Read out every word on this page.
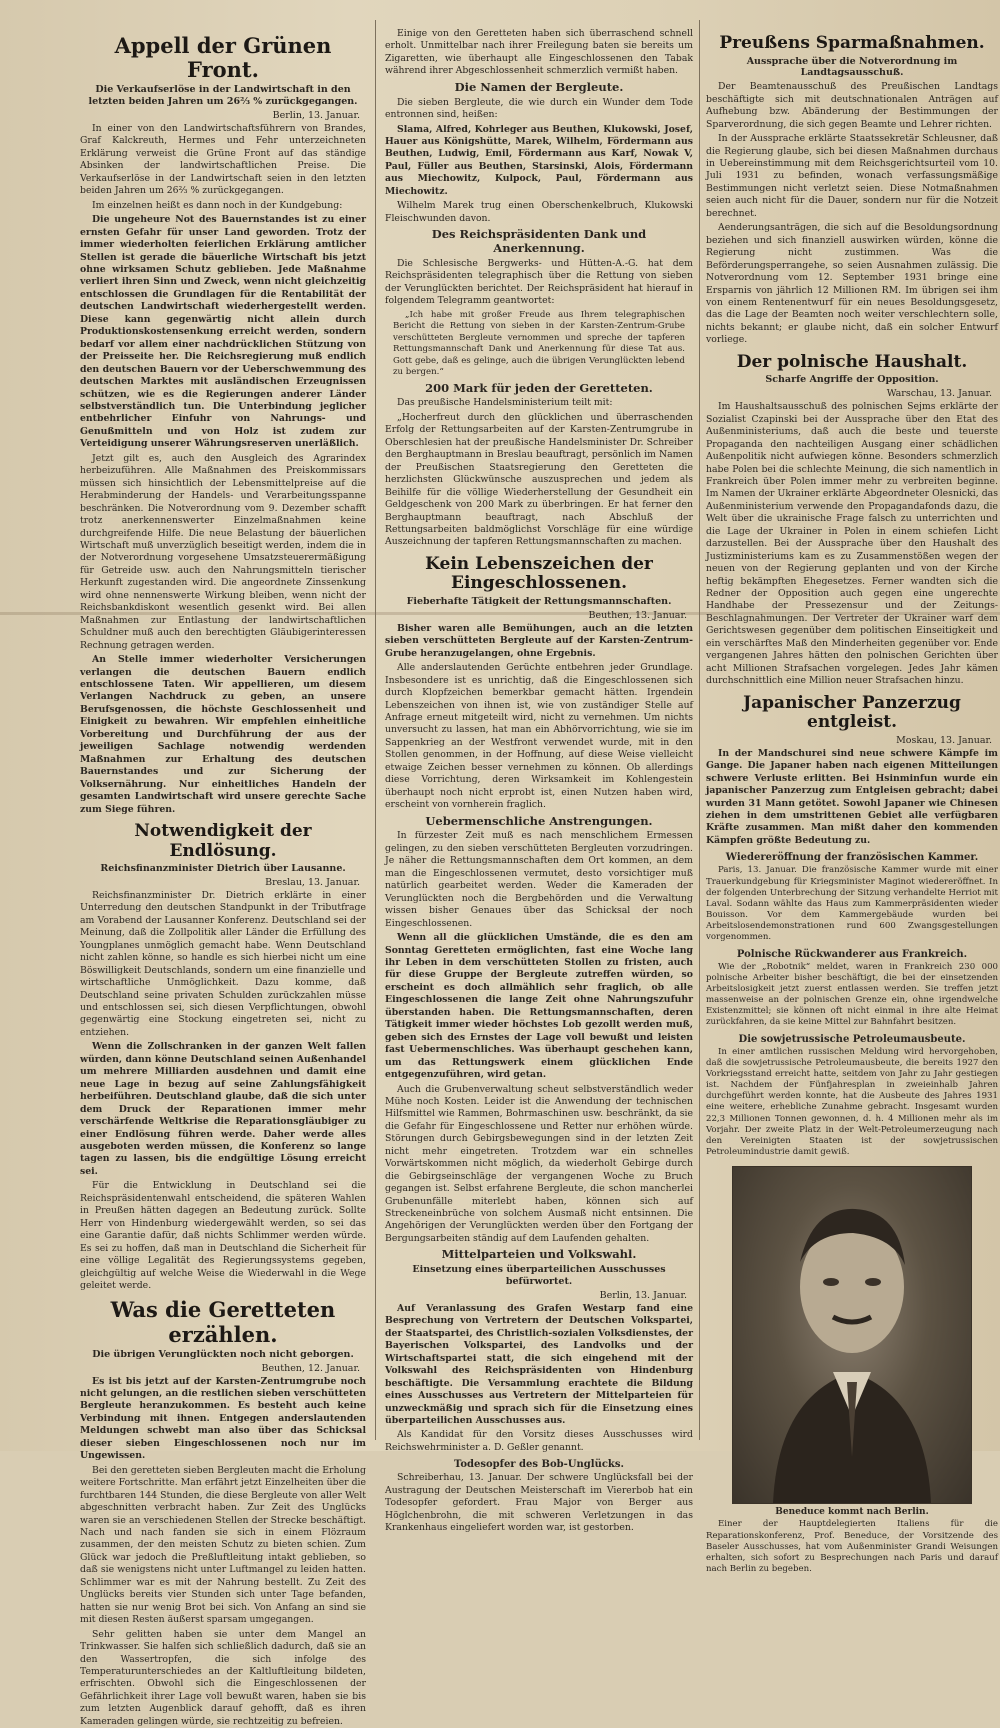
Appell der Grünen Front.
Die Verkaufserlöse in der Landwirtschaft in den letzten beiden Jahren um 26⅔ % zurückgegangen.
Berlin, 13. Januar.

In einer von den Landwirtschaftsführern von Brandes, Graf Kalckreuth, Hermes und Fehr unterzeichneten Erklärung verweist die Grüne Front auf das ständige Absinken der landwirtschaftlichen Preise. Die Verkaufserlöse in der Landwirtschaft seien in den letzten beiden Jahren um 26⅔ % zurückgegangen.

Im einzelnen heißt es dann noch in der Kundgebung:

Die ungeheure Not des Bauernstandes ist zu einer ernsten Gefahr für unser Land geworden. Trotz der immer wiederholten feierlichen Erklärung amtlicher Stellen ist gerade die bäuerliche Wirtschaft bis jetzt ohne wirksamen Schutz geblieben. Jede Maßnahme verliert ihren Sinn und Zweck, wenn nicht gleichzeitig entschlossen die Grundlagen für die Rentabilität der deutschen Landwirtschaft wiederhergestellt werden. Diese kann gegenwärtig nicht allein durch Produktionskostensenkung erreicht werden, sondern bedarf vor allem einer nachdrücklichen Stützung von der Preisseite her. Die Reichsregierung muß endlich den deutschen Bauern vor der Ueberschwemmung des deutschen Marktes mit ausländischen Erzeugnissen schützen, wie es die Regierungen anderer Länder selbstverständlich tun. Die Unterbindung jeglicher entbehrlicher Einfuhr von Nahrungs- und Genußmitteln und von Holz ist zudem zur Verteidigung unserer Währungsreserven unerläßlich.

Jetzt gilt es, auch den Ausgleich des Agrarindex herbeizuführen. Alle Maßnahmen des Preiskommissars müssen sich hinsichtlich der Lebensmittelpreise auf die Herabminderung der Handels- und Verarbeitungsspanne beschränken. Die Notverordnung vom 9. Dezember schafft trotz anerkennenswerter Einzelmaßnahmen keine durchgreifende Hilfe. Die neue Belastung der bäuerlichen Wirtschaft muß unverzüglich beseitigt werden, indem die in der Notverordnung vorgesehene Umsatzsteuerermäßigung für Getreide usw. auch den Nahrungsmitteln tierischer Herkunft zugestanden wird. Die angeordnete Zinssenkung wird ohne nennenswerte Wirkung bleiben, wenn nicht der Reichsbankdiskont wesentlich gesenkt wird. Bei allen Maßnahmen zur Entlastung der landwirtschaftlichen Schuldner muß auch den berechtigten Gläubigerinteressen Rechnung getragen werden.

An Stelle immer wiederholter Versicherungen verlangen die deutschen Bauern endlich entschlossene Taten. Wir appellieren, um diesem Verlangen Nachdruck zu geben, an unsere Berufsgenossen, die höchste Geschlossenheit und Einigkeit zu bewahren. Wir empfehlen einheitliche Vorbereitung und Durchführung der aus der jeweiligen Sachlage notwendig werdenden Maßnahmen zur Erhaltung des deutschen Bauernstandes und zur Sicherung der Volksernährung. Nur einheitliches Handeln der gesamten Landwirtschaft wird unsere gerechte Sache zum Siege führen.

Notwendigkeit der Endlösung.
Reichsfinanzminister Dietrich über Lausanne.
Breslau, 13. Januar.

Reichsfinanzminister Dr. Dietrich erklärte in einer Unterredung den deutschen Standpunkt in der Tributfrage am Vorabend der Lausanner Konferenz. Deutschland sei der Meinung, daß die Zollpolitik aller Länder die Erfüllung des Youngplanes unmöglich gemacht habe. Wenn Deutschland nicht zahlen könne, so handle es sich hierbei nicht um eine Böswilligkeit Deutschlands, sondern um eine finanzielle und wirtschaftliche Unmöglichkeit. Dazu komme, daß Deutschland seine privaten Schulden zurückzahlen müsse und entschlossen sei, sich diesen Verpflichtungen, obwohl gegenwärtig eine Stockung eingetreten sei, nicht zu entziehen.

Wenn die Zollschranken in der ganzen Welt fallen würden, dann könne Deutschland seinen Außenhandel um mehrere Milliarden ausdehnen und damit eine neue Lage in bezug auf seine Zahlungsfähigkeit herbeiführen. Deutschland glaube, daß die sich unter dem Druck der Reparationen immer mehr verschärfende Weltkrise die Reparationsgläubiger zu einer Endlösung führen werde. Daher werde alles ausgeboten werden müssen, die Konferenz so lange tagen zu lassen, bis die endgültige Lösung erreicht sei.

Für die Entwicklung in Deutschland sei die Reichspräsidentenwahl entscheidend, die späteren Wahlen in Preußen hätten dagegen an Bedeutung zurück. Sollte Herr von Hindenburg wiedergewählt werden, so sei das eine Garantie dafür, daß nichts Schlimmer werden würde. Es sei zu hoffen, daß man in Deutschland die Sicherheit für eine völlige Legalität des Regierungssystems gegeben, gleichgültig auf welche Weise die Wiederwahl in die Wege geleitet werde.

Was die Geretteten erzählen.
Die übrigen Verunglückten noch nicht geborgen.
Beuthen, 12. Januar.

Es ist bis jetzt auf der Karsten-Zentrumgrube noch nicht gelungen, an die restlichen sieben verschütteten Bergleute heranzukommen. Es besteht auch keine Verbindung mit ihnen. Entgegen anderslautenden Meldungen schwebt man also über das Schicksal dieser sieben Eingeschlossenen noch nur im Ungewissen.

Bei den geretteten sieben Bergleuten macht die Erholung weitere Fortschritte. Man erfährt jetzt Einzelheiten über die furchtbaren 144 Stunden, die diese Bergleute von aller Welt abgeschnitten verbracht haben. Zur Zeit des Unglücks waren sie an verschiedenen Stellen der Strecke beschäftigt. Nach und nach fanden sie sich in einem Flözraum zusammen, der den meisten Schutz zu bieten schien. Zum Glück war jedoch die Preßluftleitung intakt geblieben, so daß sie wenigstens nicht unter Luftmangel zu leiden hatten. Schlimmer war es mit der Nahrung bestellt. Zu Zeit des Unglücks bereits vier Stunden sich unter Tage befanden, hatten sie nur wenig Brot bei sich. Von Anfang an sind sie mit diesen Resten äußerst sparsam umgegangen.

Sehr gelitten haben sie unter dem Mangel an Trinkwasser. Sie halfen sich schließlich dadurch, daß sie an den Wassertropfen, die sich infolge des Temperaturunterschiedes an der Kaltluftleitung bildeten, erfrischten. Obwohl sich die Eingeschlossenen der Gefährlichkeit ihrer Lage voll bewußt waren, haben sie bis zum letzten Augenblick darauf gehofft, daß es ihren Kameraden gelingen würde, sie rechtzeitig zu befreien.

Einige von den Geretteten haben sich überraschend schnell erholt. Unmittelbar nach ihrer Freilegung baten sie bereits um Zigaretten, wie überhaupt alle Eingeschlossenen den Tabak während ihrer Abgeschlossenheit schmerzlich vermißt haben.

Die Namen der Bergleute.

Die sieben Bergleute, die wie durch ein Wunder dem Tode entronnen sind, heißen:

Slama, Alfred, Kohrleger aus Beuthen, Klukowski, Josef, Hauer aus Königshütte, Marek, Wilhelm, Fördermann aus Beuthen, Ludwig, Emil, Fördermann aus Karf, Nowak V, Paul, Füller aus Beuthen, Starsinski, Alois, Fördermann aus Miechowitz, Kulpock, Paul, Fördermann aus Miechowitz.

Wilhelm Marek trug einen Oberschenkelbruch, Klukowski Fleischwunden davon.

Des Reichspräsidenten Dank und Anerkennung.

Die Schlesische Bergwerks- und Hütten-A.-G. hat dem Reichspräsidenten telegraphisch über die Rettung von sieben der Verunglückten berichtet. Der Reichspräsident hat hierauf in folgendem Telegramm geantwortet:

„Ich habe mit großer Freude aus Ihrem telegraphischen Bericht die Rettung von sieben in der Karsten-Zentrum-Grube verschütteten Bergleute vernommen und spreche der tapferen Rettungsmannschaft Dank und Anerkennung für diese Tat aus. Gott gebe, daß es gelinge, auch die übrigen Verunglückten lebend zu bergen.“

200 Mark für jeden der Geretteten.

Das preußische Handelsministerium teilt mit:

„Hocherfreut durch den glücklichen und überraschenden Erfolg der Rettungsarbeiten auf der Karsten-Zentrumgrube in Oberschlesien hat der preußische Handelsminister Dr. Schreiber den Berghauptmann in Breslau beauftragt, persönlich im Namen der Preußischen Staatsregierung den Geretteten die herzlichsten Glückwünsche auszusprechen und jedem als Beihilfe für die völlige Wiederherstellung der Gesundheit ein Geldgeschenk von 200 Mark zu überbringen. Er hat ferner den Berghauptmann beauftragt, nach Abschluß der Rettungsarbeiten baldmöglichst Vorschläge für eine würdige Auszeichnung der tapferen Rettungsmannschaften zu machen.

Kein Lebenszeichen der Eingeschlossenen.
Fieberhafte Tätigkeit der Rettungsmannschaften.
Beuthen, 13. Januar.

Bisher waren alle Bemühungen, auch an die letzten sieben verschütteten Bergleute auf der Karsten-Zentrum-Grube heranzugelangen, ohne Ergebnis.

Alle anderslautenden Gerüchte entbehren jeder Grundlage. Insbesondere ist es unrichtig, daß die Eingeschlossenen sich durch Klopfzeichen bemerkbar gemacht hätten. Irgendein Lebenszeichen von ihnen ist, wie von zuständiger Stelle auf Anfrage erneut mitgeteilt wird, nicht zu vernehmen. Um nichts unversucht zu lassen, hat man ein Abhörvorrichtung, wie sie im Sappenkrieg an der Westfront verwendet wurde, mit in den Stollen genommen, in der Hoffnung, auf diese Weise vielleicht etwaige Zeichen besser vernehmen zu können. Ob allerdings diese Vorrichtung, deren Wirksamkeit im Kohlengestein überhaupt noch nicht erprobt ist, einen Nutzen haben wird, erscheint von vornherein fraglich.

Uebermenschliche Anstrengungen.

In fürzester Zeit muß es nach menschlichem Ermessen gelingen, zu den sieben verschütteten Bergleuten vorzudringen. Je näher die Rettungsmannschaften dem Ort kommen, an dem man die Eingeschlossenen vermutet, desto vorsichtiger muß natürlich gearbeitet werden. Weder die Kameraden der Verunglückten noch die Bergbehörden und die Verwaltung wissen bisher Genaues über das Schicksal der noch Eingeschlossenen.

Wenn all die glücklichen Umstände, die es den am Sonntag Geretteten ermöglichten, fast eine Woche lang ihr Leben in dem verschütteten Stollen zu fristen, auch für diese Gruppe der Bergleute zutreffen würden, so erscheint es doch allmählich sehr fraglich, ob alle Eingeschlossenen die lange Zeit ohne Nahrungszufuhr überstanden haben. Die Rettungsmannschaften, deren Tätigkeit immer wieder höchstes Lob gezollt werden muß, geben sich des Ernstes der Lage voll bewußt und leisten fast Uebermenschliches. Was überhaupt geschehen kann, um das Rettungswerk einem glücklichen Ende entgegenzuführen, wird getan.

Auch die Grubenverwaltung scheut selbstverständlich weder Mühe noch Kosten. Leider ist die Anwendung der technischen Hilfsmittel wie Rammen, Bohrmaschinen usw. beschränkt, da sie die Gefahr für Eingeschlossene und Retter nur erhöhen würde. Störungen durch Gebirgsbewegungen sind in der letzten Zeit nicht mehr eingetreten. Trotzdem war ein schnelles Vorwärtskommen nicht möglich, da wiederholt Gebirge durch die Gebirgseinschläge der vergangenen Woche zu Bruch gegangen ist. Selbst erfahrene Bergleute, die schon mancherlei Grubenunfälle miterlebt haben, können sich auf Streckeneinbrüche von solchem Ausmaß nicht entsinnen. Die Angehörigen der Verunglückten werden über den Fortgang der Bergungsarbeiten ständig auf dem Laufenden gehalten.

Mittelparteien und Volkswahl.
Einsetzung eines überparteilichen Ausschusses befürwortet.
Berlin, 13. Januar.

Auf Veranlassung des Grafen Westarp fand eine Besprechung von Vertretern der Deutschen Volkspartei, der Staatspartei, des Christlich-sozialen Volksdienstes, der Bayerischen Volkspartei, des Landvolks und der Wirtschaftspartei statt, die sich eingehend mit der Volkswahl des Reichspräsidenten von Hindenburg beschäftigte. Die Versammlung erachtete die Bildung eines Ausschusses aus Vertretern der Mittelparteien für unzweckmäßig und sprach sich für die Einsetzung eines überparteilichen Ausschusses aus.

Als Kandidat für den Vorsitz dieses Ausschusses wird Reichswehrminister a. D. Geßler genannt.

Todesopfer des Bob-Unglücks.

Schreiberhau, 13. Januar. Der schwere Unglücksfall bei der Austragung der Deutschen Meisterschaft im Viererbob hat ein Todesopfer gefordert. Frau Major von Berger aus Höglchenbrohn, die mit schweren Verletzungen in das Krankenhaus eingeliefert worden war, ist gestorben.

Preußens Sparmaßnahmen.
Aussprache über die Notverordnung im Landtagsausschuß.

Der Beamtenausschuß des Preußischen Landtags beschäftigte sich mit deutschnationalen Anträgen auf Aufhebung bzw. Abänderung der Bestimmungen der Sparverordnung, die sich gegen Beamte und Lehrer richten.

In der Aussprache erklärte Staatssekretär Schleusner, daß die Regierung glaube, sich bei diesen Maßnahmen durchaus in Uebereinstimmung mit dem Reichsgerichtsurteil vom 10. Juli 1931 zu befinden, wonach verfassungsmäßige Bestimmungen nicht verletzt seien. Diese Notmaßnahmen seien auch nicht für die Dauer, sondern nur für die Notzeit berechnet.

Aenderungsanträgen, die sich auf die Besoldungsordnung beziehen und sich finanziell auswirken würden, könne die Regierung nicht zustimmen. Was die Beförderungsperrangehe, so seien Ausnahmen zulässig. Die Notverordnung vom 12. September 1931 bringe eine Ersparnis von jährlich 12 Millionen RM. Im übrigen sei ihm von einem Rentenentwurf für ein neues Besoldungsgesetz, das die Lage der Beamten noch weiter verschlechtern solle, nichts bekannt; er glaube nicht, daß ein solcher Entwurf vorliege.

Der polnische Haushalt.
Scharfe Angriffe der Opposition.
Warschau, 13. Januar.

Im Haushaltsausschuß des polnischen Sejms erklärte der Sozialist Czapinski bei der Aussprache über den Etat des Außenministeriums, daß auch die beste und teuerste Propaganda den nachteiligen Ausgang einer schädlichen Außenpolitik nicht aufwiegen könne. Besonders schmerzlich habe Polen bei die schlechte Meinung, die sich namentlich in Frankreich über Polen immer mehr zu verbreiten beginne. Im Namen der Ukrainer erklärte Abgeordneter Olesnicki, das Außenministerium verwende den Propagandafonds dazu, die Welt über die ukrainische Frage falsch zu unterrichten und die Lage der Ukrainer in Polen in einem schiefen Licht darzustellen. Bei der Aussprache über den Haushalt des Justizministeriums kam es zu Zusammenstößen wegen der neuen von der Regierung geplanten und von der Kirche heftig bekämpften Ehegesetzes. Ferner wandten sich die Redner der Opposition auch gegen eine ungerechte Handhabe der Pressezensur und der Zeitungs-Beschlagnahmungen. Der Vertreter der Ukrainer warf dem Gerichtswesen gegenüber dem politischen Einseitigkeit und ein verschärftes Maß den Minderheiten gegenüber vor. Ende vergangenen Jahres hätten den polnischen Gerichten über acht Millionen Strafsachen vorgelegen. Jedes Jahr kämen durchschnittlich eine Million neuer Strafsachen hinzu.

Japanischer Panzerzug entgleist.
Moskau, 13. Januar.

In der Mandschurei sind neue schwere Kämpfe im Gange. Die Japaner haben nach eigenen Mitteilungen schwere Verluste erlitten. Bei Hsinminfun wurde ein japanischer Panzerzug zum Entgleisen gebracht; dabei wurden 31 Mann getötet. Sowohl Japaner wie Chinesen ziehen in dem umstrittenen Gebiet alle verfügbaren Kräfte zusammen. Man mißt daher den kommenden Kämpfen größte Bedeutung zu.

Wiedereröffnung der französischen Kammer.

Paris, 13. Januar. Die französische Kammer wurde mit einer Trauerkundgebung für Kriegsminister Maginot wiedereröffnet. In der folgenden Unterbrechung der Sitzung verhandelte Herriot mit Laval. Sodann wählte das Haus zum Kammerpräsidenten wieder Bouisson. Vor dem Kammergebäude wurden bei Arbeitslosendemonstrationen rund 600 Zwangsgestellungen vorgenommen.

Polnische Rückwanderer aus Frankreich.

Wie der „Robotnik“ meldet, waren in Frankreich 230 000 polnische Arbeiter bisher beschäftigt, die bei der einsetzenden Arbeitslosigkeit jetzt zuerst entlassen werden. Sie treffen jetzt massenweise an der polnischen Grenze ein, ohne irgendwelche Existenzmittel; sie können oft nicht einmal in ihre alte Heimat zurückfahren, da sie keine Mittel zur Bahnfahrt besitzen.

Die sowjetrussische Petroleumausbeute.

In einer amtlichen russischen Meldung wird hervorgehoben, daß die sowjetrussische Petroleumausbeute, die bereits 1927 den Vorkriegsstand erreicht hatte, seitdem von Jahr zu Jahr gestiegen ist. Nachdem der Fünfjahresplan in zweieinhalb Jahren durchgeführt werden konnte, hat die Ausbeute des Jahres 1931 eine weitere, erhebliche Zunahme gebracht. Insgesamt wurden 22,3 Millionen Tonnen gewonnen, d. h. 4 Millionen mehr als im Vorjahr. Der zweite Platz in der Welt-Petroleumerzeugung nach den Vereinigten Staaten ist der sowjetrussischen Petroleumindustrie damit gewiß.

Beneduce kommt nach Berlin.

Einer der Hauptdelegierten Italiens für die Reparationskonferenz, Prof. Beneduce, der Vorsitzende des Baseler Ausschusses, hat vom Außenminister Grandi Weisungen erhalten, sich sofort zu Besprechungen nach Paris und darauf nach Berlin zu begeben.
